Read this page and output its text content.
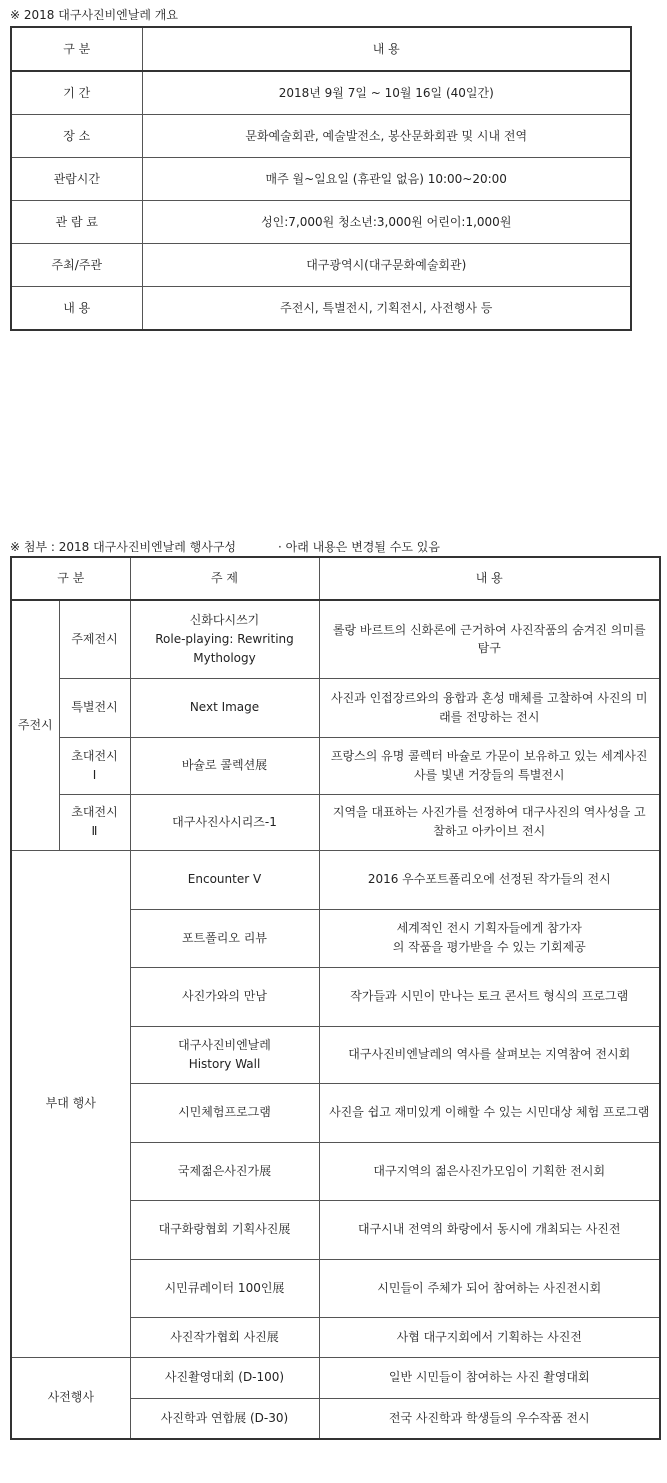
※ 2018 대구사진비엔날레 개요
구 분	내 용
기 간	2018년 9월 7일 ~ 10월 16일 (40일간)
장 소	문화예술회관, 예술발전소, 봉산문화회관 및 시내 전역
관람시간	매주 월~일요일 (휴관일 없음) 10:00~20:00
관 람 료	성인:7,000원 청소년:3,000원 어린이:1,000원
주최/주관	대구광역시(대구문화예술회관)
내 용	주전시, 특별전시, 기획전시, 사전행사 등
※ 첨부 : 2018 대구사진비엔날레 행사구성	· 아래 내용은 변경될 수도 있음
구 분		주 제	내 용
주전시	주제전시	신화다시쓰기
Role-playing: Rewriting
Mythology	롤랑 바르트의 신화론에 근거하여 사진작품의 숨겨진 의미를
탐구
	특별전시	Next Image	사진과 인접장르와의 융합과 혼성 매체를 고찰하여 사진의 미
래를 전망하는 전시
	초대전시
Ⅰ	바슐로 콜렉션展	프랑스의 유명 콜렉터 바슐로 가문이 보유하고 있는 세계사진
사를 빛낸 거장들의 특별전시
	초대전시
Ⅱ	대구사진사시리즈-1	지역을 대표하는 사진가를 선정하여 대구사진의 역사성을 고
찰하고 아카이브 전시
부대 행사		Encounter V	2016 우수포트폴리오에 선정된 작가들의 전시
		포트폴리오 리뷰	세계적인 전시 기획자들에게 참가자
의 작품을 평가받을 수 있는 기회제공
		사진가와의 만남	작가들과 시민이 만나는 토크 콘서트 형식의 프로그램
		대구사진비엔날레
History Wall	대구사진비엔날레의 역사를 살펴보는 지역참여 전시회
		시민체험프로그램	사진을 쉽고 재미있게 이해할 수 있는 시민대상 체험 프로그램
		국제젊은사진가展	대구지역의 젊은사진가모임이 기획한 전시회
		대구화랑협회 기획사진展	대구시내 전역의 화랑에서 동시에 개최되는 사진전
		시민큐레이터 100인展	시민들이 주체가 되어 참여하는 사진전시회
		사진작가협회 사진展	사협 대구지회에서 기획하는 사진전
사전행사		사진촬영대회 (D-100)	일반 시민들이 참여하는 사진 촬영대회
		사진학과 연합展 (D-30)	전국 사진학과 학생들의 우수작품 전시
